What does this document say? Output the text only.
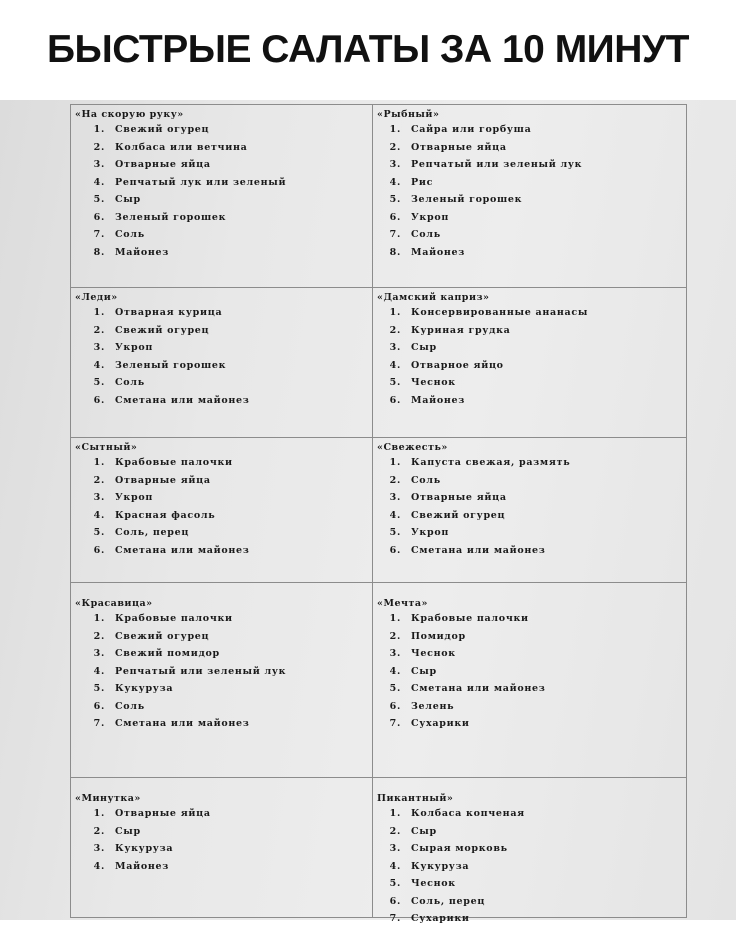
БЫСТРЫЕ САЛАТЫ ЗА 10 МИНУТ
«На скорую руку»
1.	Свежий огурец
2.	Колбаса или ветчина
3.	Отварные яйца
4.	Репчатый лук или зеленый
5.	Сыр
6.	Зеленый горошек
7.	Соль
8.	Майонез
«Рыбный»
1.	Сайра или горбуша
2.	Отварные яйца
3.	Репчатый или зеленый лук
4.	Рис
5.	Зеленый горошек
6.	Укроп
7.	Соль
8.	Майонез
«Леди»
1.	Отварная курица
2.	Свежий огурец
3.	Укроп
4.	Зеленый горошек
5.	Соль
6.	Сметана или майонез
«Дамский каприз»
1.	Консервированные ананасы
2.	Куриная грудка
3.	Сыр
4.	Отварное яйцо
5.	Чеснок
6.	Майонез
«Сытный»
1.	Крабовые палочки
2.	Отварные яйца
3.	Укроп
4.	Красная фасоль
5.	Соль, перец
6.	Сметана или майонез
«Свежесть»
1.	Капуста свежая, размять
2.	Соль
3.	Отварные яйца
4.	Свежий огурец
5.	Укроп
6.	Сметана или майонез
«Красавица»
1.	Крабовые палочки
2.	Свежий огурец
3.	Свежий помидор
4.	Репчатый или зеленый лук
5.	Кукуруза
6.	Соль
7.	Сметана или майонез
«Мечта»
1.	Крабовые палочки
2.	Помидор
3.	Чеснок
4.	Сыр
5.	Сметана или майонез
6.	Зелень
7.	Сухарики
«Минутка»
1.	Отварные яйца
2.	Сыр
3.	Кукуруза
4.	Майонез
Пикантный»
1.	Колбаса копченая
2.	Сыр
3.	Сырая морковь
4.	Кукуруза
5.	Чеснок
6.	Соль, перец
7.	Сухарики
